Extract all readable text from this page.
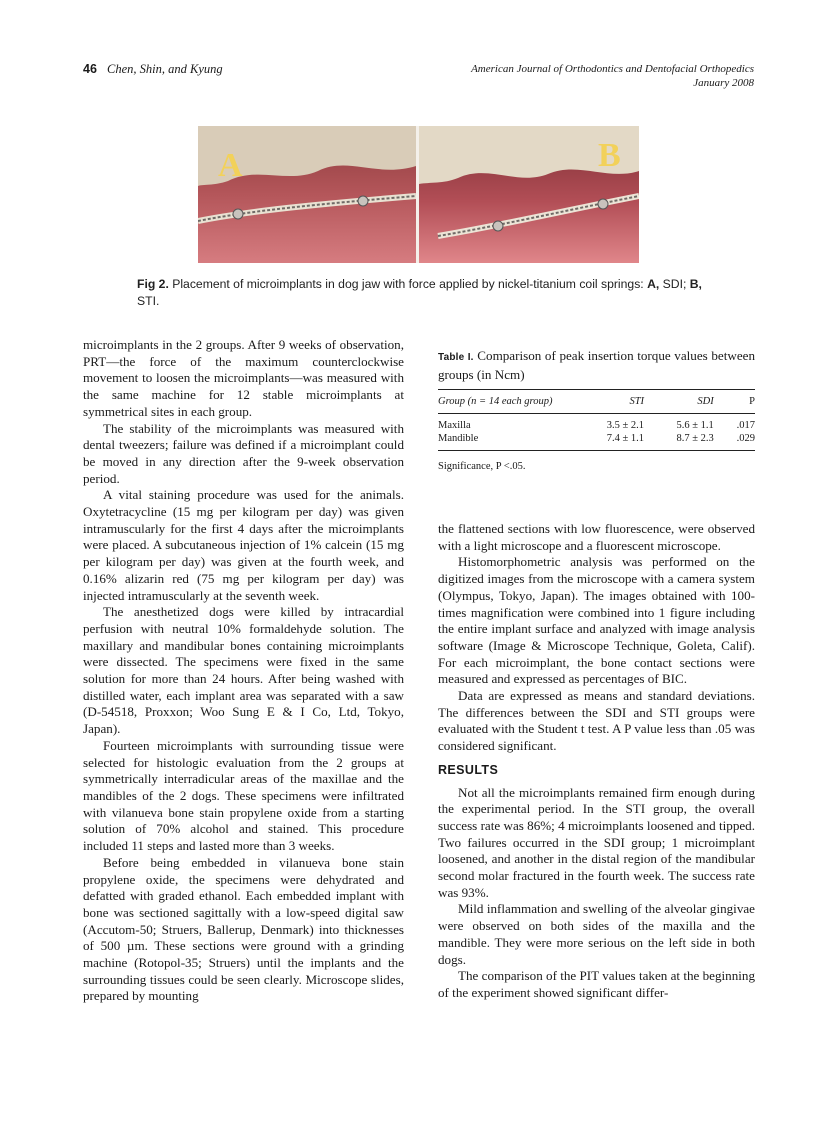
46 Chen, Shin, and Kyung	American Journal of Orthodontics and Dentofacial Orthopedics
January 2008
A	B
Fig 2. Placement of microimplants in dog jaw with force applied by nickel-titanium coil springs: A, SDI; B, STI.

microimplants in the 2 groups. After 9 weeks of observation, PRT—the force of the maximum counterclockwise movement to loosen the microimplants—was measured with the same machine for 12 stable microimplants at symmetrical sites in each group.

The stability of the microimplants was measured with dental tweezers; failure was defined if a microimplant could be moved in any direction after the 9-week observation period.

A vital staining procedure was used for the animals. Oxytetracycline (15 mg per kilogram per day) was given intramuscularly for the first 4 days after the microimplants were placed. A subcutaneous injection of 1% calcein (15 mg per kilogram per day) was given at the fourth week, and 0.16% alizarin red (75 mg per kilogram per day) was injected intramuscularly at the seventh week.

The anesthetized dogs were killed by intracardial perfusion with neutral 10% formaldehyde solution. The maxillary and mandibular bones containing microimplants were dissected. The specimens were fixed in the same solution for more than 24 hours. After being washed with distilled water, each implant area was separated with a saw (D-54518, Proxxon; Woo Sung E & I Co, Ltd, Tokyo, Japan).

Fourteen microimplants with surrounding tissue were selected for histologic evaluation from the 2 groups at symmetrically interradicular areas of the maxillae and the mandibles of the 2 dogs. These specimens were infiltrated with vilanueva bone stain propylene oxide from a starting solution of 70% alcohol and stained. This procedure included 11 steps and lasted more than 3 weeks.

Before being embedded in vilanueva bone stain propylene oxide, the specimens were dehydrated and defatted with graded ethanol. Each embedded implant with bone was sectioned sagittally with a low-speed digital saw (Accutom-50; Struers, Ballerup, Denmark) into thicknesses of 500 µm. These sections were ground with a grinding machine (Rotopol-35; Struers) until the implants and the surrounding tissues could be seen clearly. Microscope slides, prepared by mounting

Table I. Comparison of peak insertion torque values between groups (in Ncm)
Group (n = 14 each group)	STI	SDI	P

Maxilla	3.5 ± 2.1	5.6 ± 1.1	.017
Mandible	7.4 ± 1.1	8.7 ± 2.3	.029

Significance, P <.05.

the flattened sections with low fluorescence, were observed with a light microscope and a fluorescent microscope.

Histomorphometric analysis was performed on the digitized images from the microscope with a camera system (Olympus, Tokyo, Japan). The images obtained with 100-times magnification were combined into 1 figure including the entire implant surface and analyzed with image analysis software (Image & Microscope Technique, Goleta, Calif). For each microimplant, the bone contact sections were measured and expressed as percentages of BIC.

Data are expressed as means and standard deviations. The differences between the SDI and STI groups were evaluated with the Student t test. A P value less than .05 was considered significant.

RESULTS

Not all the microimplants remained firm enough during the experimental period. In the STI group, the overall success rate was 86%; 4 microimplants loosened and tipped. Two failures occurred in the SDI group; 1 microimplant loosened, and another in the distal region of the mandibular second molar fractured in the fourth week. The success rate was 93%.

Mild inflammation and swelling of the alveolar gingivae were observed on both sides of the maxilla and the mandible. They were more serious on the left side in both dogs.

The comparison of the PIT values taken at the beginning of the experiment showed significant differ-
